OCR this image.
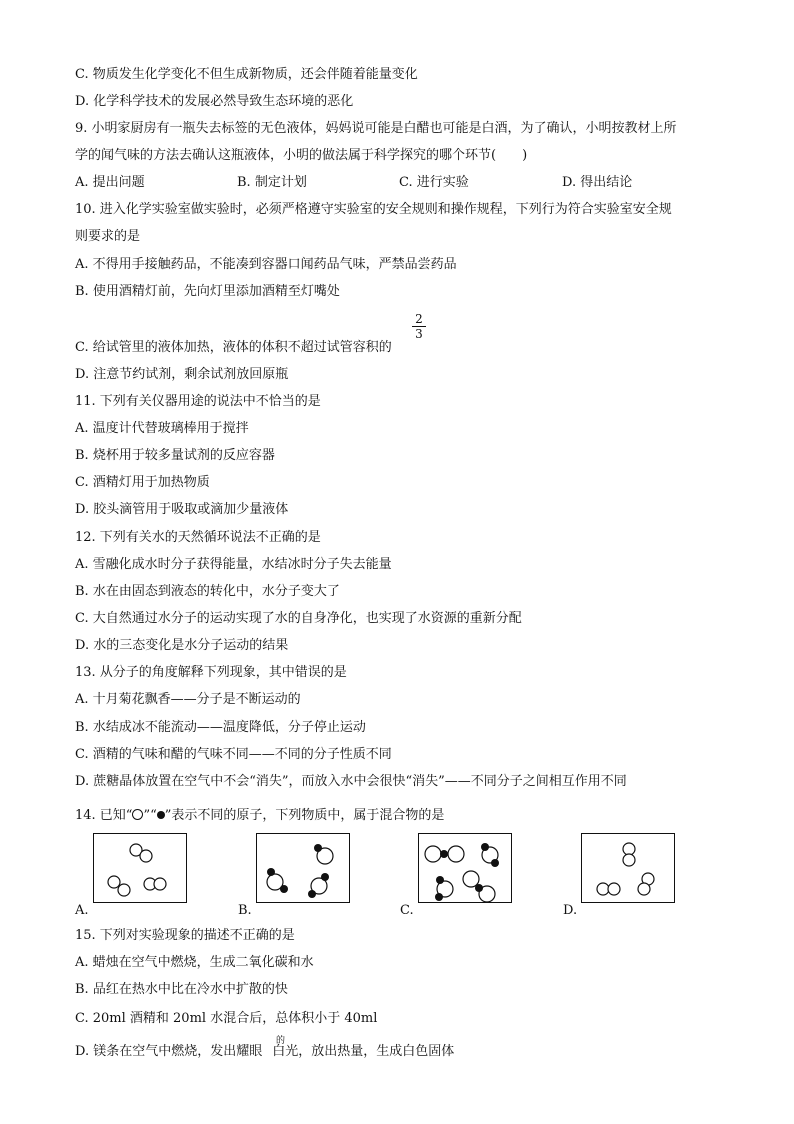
C. 物质发生化学变化不但生成新物质，还会伴随着能量变化
D. 化学科学技术的发展必然导致生态环境的恶化
9. 小明家厨房有一瓶失去标签的无色液体，妈妈说可能是白醋也可能是白酒，为了确认，小明按教材上所
学的闻气味的方法去确认这瓶液体，小明的做法属于科学探究的哪个环节(　　)
A. 提出问题	B. 制定计划	C. 进行实验	D. 得出结论
10. 进入化学实验室做实验时，必须严格遵守实验室的安全规则和操作规程，下列行为符合实验室安全规
则要求的是
A. 不得用手接触药品，不能凑到容器口闻药品气味，严禁品尝药品
B. 使用酒精灯前，先向灯里添加酒精至灯嘴处
C. 给试管里的液体加热，液体的体积不超过试管容积的
$\frac{2}{3}$
D. 注意节约试剂，剩余试剂放回原瓶
11. 下列有关仪器用途的说法中不恰当的是
A. 温度计代替玻璃棒用于搅拌
B. 烧杯用于较多量试剂的反应容器
C. 酒精灯用于加热物质
D. 胶头滴管用于吸取或滴加少量液体
12. 下列有关水的天然循环说法不正确的是
A. 雪融化成水时分子获得能量，水结冰时分子失去能量
B. 水在由固态到液态的转化中，水分子变大了
C. 大自然通过水分子的运动实现了水的自身净化，也实现了水资源的重新分配
D. 水的三态变化是水分子运动的结果
13. 从分子的角度解释下列现象，其中错误的是
A. 十月菊花飘香——分子是不断运动的
B. 水结成冰不能流动——温度降低，分子停止运动
C. 酒精的气味和醋的气味不同——不同的分子性质不同
D. 蔗糖晶体放置在空气中不会“消失”，而放入水中会很快“消失”——不同分子之间相互作用不同
14. 已知“ ”“ ”表示不同的原子，下列物质中，属于混合物的是
A.	B.	C.	D.
15. 下列对实验现象的描述不正确的是
A. 蜡烛在空气中燃烧，生成二氧化碳和水
B. 品红在热水中比在冷水中扩散的快
C. 20ml 酒精和 20ml 水混合后，总体积小于 40ml
D. 镁条在空气中燃烧，发出耀眼 白光，放出热量，生成白色固体
的
